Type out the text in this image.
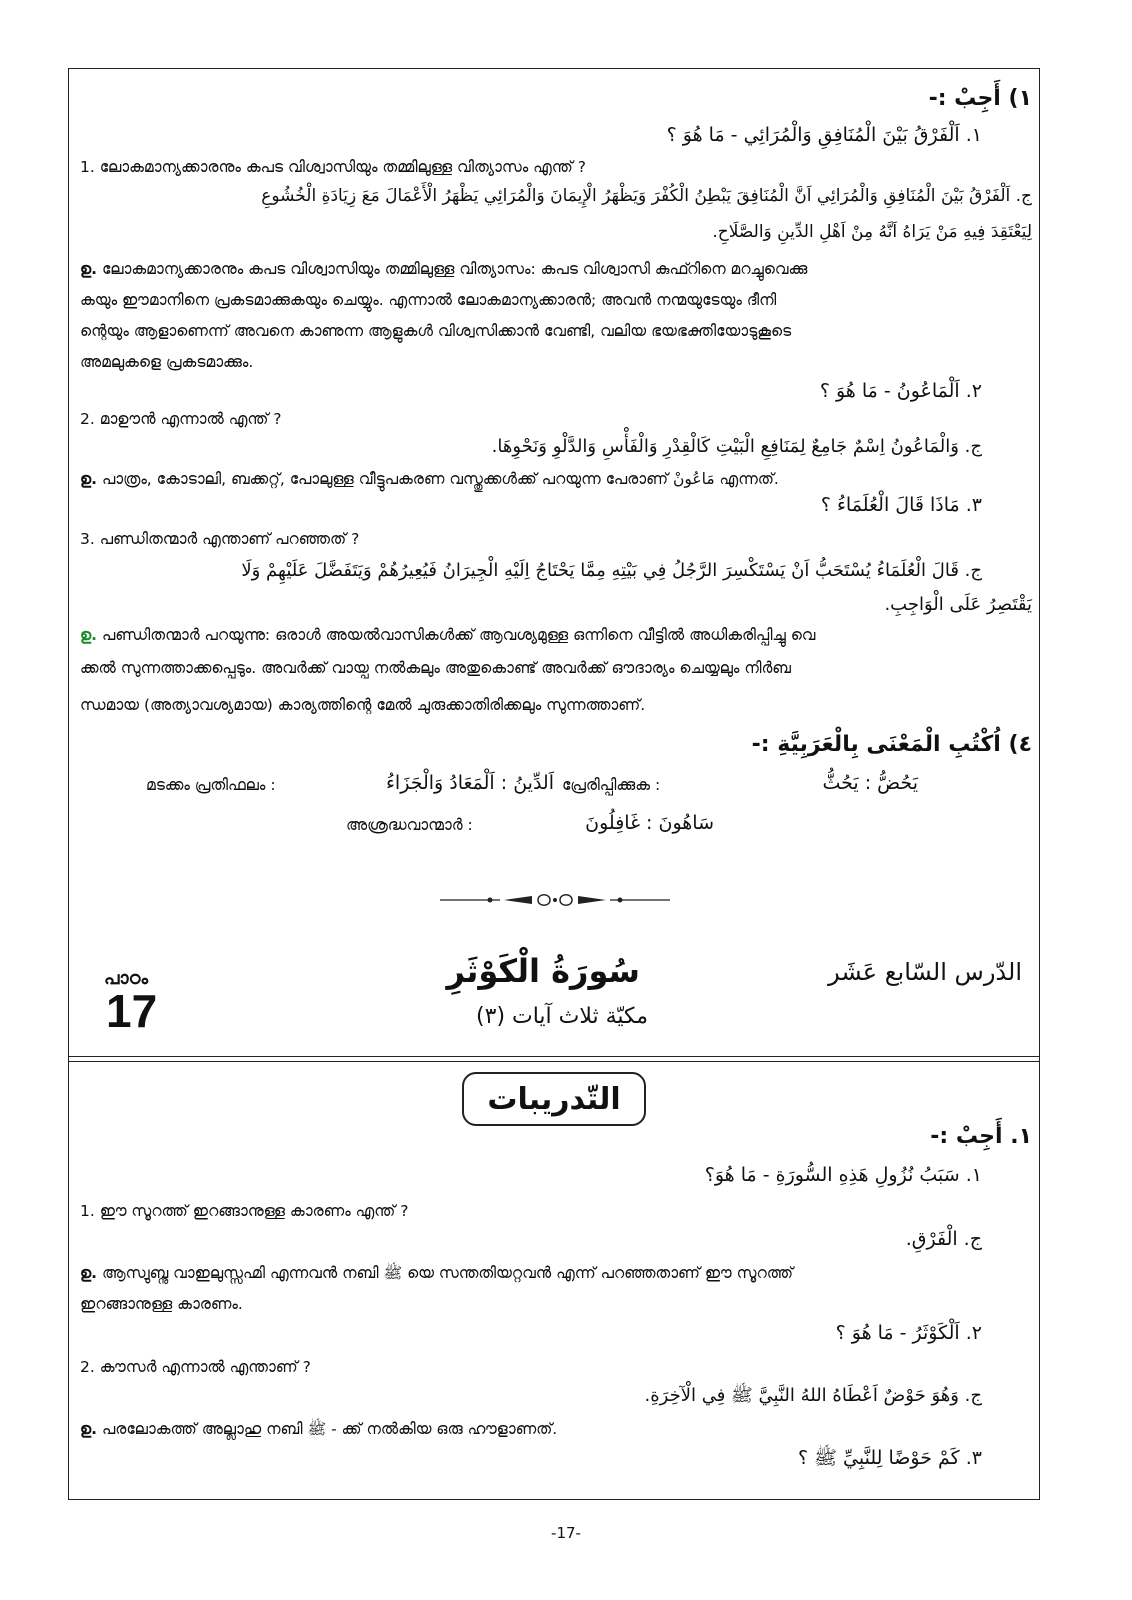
١) أَجِبْ :-
١. اَلْفَرْقُ بَيْنَ الْمُنَافِقِ وَالْمُرَائِي - مَا هُوَ ؟
1. ലോകമാന്യക്കാരനും കപട വിശ്വാസിയും തമ്മിലുള്ള വിത്യാസം എന്ത് ?
ج. اَلْفَرْقُ بَيْنَ الْمُنَافِقِ وَالْمُرَائِي اَنَّ الْمُنَافِقَ يَبْطِنُ الْكُفْرَ وَيَظْهَرُ الْإِيمَانَ وَالْمُرَائِي يَظْهَرُ الْأَعْمَالَ مَعَ زِيَادَةِ الْخُشُوعِ
لِيَعْتَقِدَ فِيهِ مَنْ يَرَاهُ اَنَّهُ مِنْ اَهْلِ الدِّينِ وَالصَّلَاحِ.
ഉ. ലോകമാന്യക്കാരനും കപട വിശ്വാസിയും തമ്മിലുള്ള വിത്യാസം: കപട വിശ്വാസി കുഫ്റിനെ മറച്ചുവെക്കു
കയും ഈമാനിനെ പ്രകടമാക്കുകയും ചെയ്യും. എന്നാൽ ലോകമാന്യക്കാരൻ; അവൻ നന്മയുടേയും ദീനി
ന്റെയും ആളാണെന്ന് അവനെ കാണുന്ന ആളുകൾ വിശ്വസിക്കാൻ വേണ്ടി, വലിയ ഭയഭക്തിയോടുകൂടെ
അമലുകളെ പ്രകടമാക്കും.
٢. اَلْمَاعُونُ - مَا هُوَ ؟
2. മാഊൻ എന്നാൽ എന്ത് ?
ج. وَالْمَاعُونُ اِسْمٌ جَامِعٌ لِمَنَافِعِ الْبَيْتِ كَالْقِدْرِ وَالْفَأْسِ وَالدَّلْوِ وَنَحْوِهَا.
ഉ. പാത്രം, കോടാലി, ബക്കറ്റ്, പോലുള്ള വീട്ടുപകരണ വസ്തുക്കൾക്ക് പറയുന്ന പേരാണ് مَاعُونْ എന്നത്.
٣. مَاذَا قَالَ الْعُلَمَاءُ ؟
3. പണ്ഡിതന്മാർ എന്താണ് പറഞ്ഞത് ?
ج. قَالَ الْعُلَمَاءُ يُسْتَحَبُّ اَنْ يَسْتَكْسِرَ الرَّجُلُ فِي بَيْتِهِ مِمَّا يَحْتَاجُ اِلَيْهِ الْجِيرَانُ فَيُعِيرُهُمْ وَيَتَفَضَّلَ عَلَيْهِمْ وَلَا
يَقْتَصِرُ عَلَى الْوَاجِبِ.
ഉ. പണ്ഡിതന്മാർ പറയുന്നു: ഒരാൾ അയൽവാസികൾക്ക് ആവശ്യമുള്ള ഒന്നിനെ വീട്ടിൽ അധികരിപ്പിച്ചു വെ
ക്കൽ സുന്നത്താക്കപ്പെടും. അവർക്ക് വായ്പ നൽകലും അതുകൊണ്ട് അവർക്ക് ഔദാര്യം ചെയ്യലും നിർബ
ന്ധമായ (അത്യാവശ്യമായ) കാര്യത്തിന്റെ മേൽ ചുരുക്കാതിരിക്കലും സുന്നത്താണ്.
٤) اُكْتُبِ الْمَعْنَى بِالْعَرَبِيَّةِ :-
يَحُضُّ : يَحُثُّ
പ്രേരിപ്പിക്കുക :
اَلدِّينُ : اَلْمَعَادُ وَالْجَزَاءُ
മടക്കം പ്രതിഫലം :
سَاهُونَ : غَافِلُونَ
അശ്രദ്ധവാന്മാർ :
പാഠം
17
سُورَةُ الْكَوْثَرِ
مكيّة ثلاث آيات (٣)
الدّرس السّابع عَشَر
التّدريبات
١. أَجِبْ :-
١. سَبَبُ نُزُولِ هَذِهِ السُّورَةِ - مَا هُوَ؟
1. ഈ സൂറത്ത് ഇറങ്ങാനുള്ള കാരണം എന്ത് ?
ج. الْفَرْقِ.
ഉ. ആസ്വുബ്നു വാഇലുസ്സഹ്മി എന്നവൻ നബി ﷺ യെ സന്തതിയറ്റവൻ എന്ന് പറഞ്ഞതാണ് ഈ സൂറത്ത്
ഇറങ്ങാനുള്ള കാരണം.
٢. اَلْكَوْثَرُ - مَا هُوَ ؟
2. കൗസർ എന്നാൽ എന്താണ് ?
ج. وَهُوَ حَوْضٌ اَعْطَاهُ اللهُ النَّبِيَّ ﷺ فِي الْآخِرَةِ.
ഉ. പരലോകത്ത് അല്ലാഹു നബി ﷺ - ക്ക് നൽകിയ ഒരു ഹൗളാണത്.
٣. كَمْ حَوْضًا لِلنَّبِيِّ ﷺ ؟
-17-
